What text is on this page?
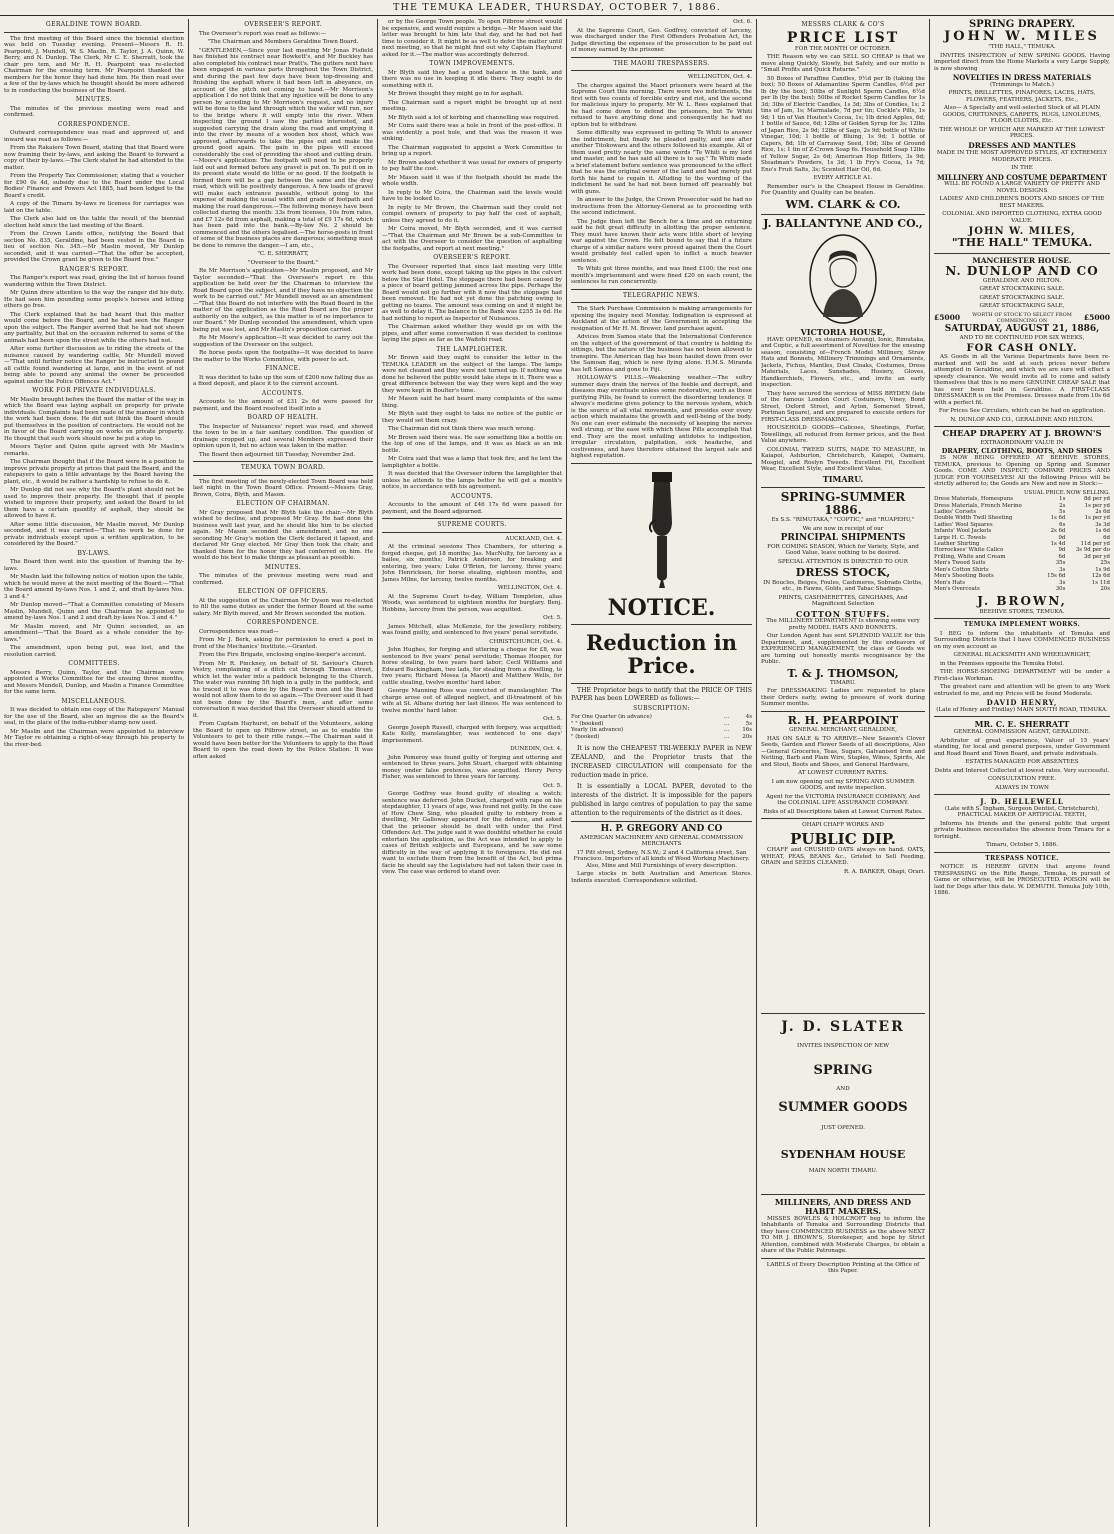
THE TEMUKA LEADER, THURSDAY, OCTOBER 7, 1886.
GERALDINE TOWN BOARD.

The first meeting of this Board since the biennial election was held on Tuesday evening. Present—Messrs R. H. Pearpoint, J. Mundell, W. S. Maslin, R. Taylor, J. A. Quinn, W. Berry, and N. Dunlop. The Clerk, Mr C. E. Sherratt, took the chair pro tem, and Mr R. H. Pearpoint was re-elected Chairman for the ensuing term. Mr Pearpoint thanked the members for the honor they had done him. He then read over a few of the by-laws which he thought should be more adhered to in conducting the business of the Board.

MINUTES.

The minutes of the previous meeting were read and confirmed.

CORRESPONDENCE.

Outward correspondence was read and approved of, and inward was read as follows:—

From the Rakaiere Town Board, stating that that Board were now framing their by-laws, and asking the Board to forward a copy of their by-laws.—The Clerk stated he had attended to the matter.

From the Property Tax Commissioner, stating that a voucher for £90 0s 4d, subsidy due to the Board under the Local Bodies' Finance and Powers Act 1885, had been lodged to the Board's credit.

A copy of the Timaru by-laws re licenses for carriages was laid on the table.

The Clerk also laid on the table the result of the biennial election held since the last meeting of the Board.

From the Crown Lands office, notifying the Board that section No. 835, Geraldine, had been vested in the Board in lieu of section No. 345.—Mr Maslin moved, Mr Dunlop seconded, and it was carried—"That the offer be accepted, provided the Crown grant be given to the Board free."

RANGER'S REPORT.

The Ranger's report was read, giving the list of horses found wandering within the Town District.

Mr Quinn drew attention to the way the ranger did his duty. He had seen him pounding some people's horses and letting others go free.

The Clerk explained that he had heard that this matter would come before the Board, and he had seen the Ranger upon the subject. The Ranger averred that he had not shown any partiality, but that on the occasion referred to some of the animals had been upon the street while the others had not.

After some further discussion as to riding the streets of the nuisance caused by wandering cattle, Mr Mundell moved—"That until further notice the Ranger be instructed to pound all cattle found wandering at large, and in the event of not being able to pound any animal the owner be proceeded against under the Police Offences Act."

WORK FOR PRIVATE INDIVIDUALS.

Mr Maslin brought before the Board the matter of the way in which the Board was laying asphalt on property for private individuals. Complaints had been made of the manner in which the work had been done. He did not think the Board should put themselves in the position of contractors. He would not be in favor of the Board carrying on works on private property. He thought that such work should now be put a stop to.

Messrs Taylor and Quinn quite agreed with Mr Maslin's remarks.

The Chairman thought that if the Board were in a position to improve private property at prices that paid the Board, and the ratepayers to gain a little advantage by the Board having the plant, etc., it would be rather a hardship to refuse to do it.

Mr Dunlop did not see why the Board's plant should not be used to improve their property. He thought that if people wished to improve their property, and asked the Board to let them have a certain quantity of asphalt, they should be allowed to have it.

After some little discussion, Mr Maslin moved, Mr Dunlop seconded, and it was carried—"That no work be done for private individuals except upon a written application, to be considered by the Board."

BY-LAWS.

The Board then went into the question of framing the by-laws.

Mr Maslin laid the following notice of motion upon the table, which he would move at the next meeting of the Board:—"That the Board amend by-laws Nos. 1 and 2, and draft by-laws Nos. 3 and 4."

Mr Dunlop moved—"That a Committee consisting of Messrs Maslin, Mundell, Quinn and the Chairman be appointed to amend by-laws Nos. 1 and 2 and draft by-laws Nos. 3 and 4."

Mr Maslin moved, and Mr Quinn seconded, as an amendment—"That the Board as a whole consider the by-laws."

The amendment, upon being put, was lost, and the resolution carried.

COMMITTEES.

Messrs Berry, Quinn, Taylor, and the Chairman were appointed a Works Committee for the ensuing three months, and Messrs Mundell, Dunlop, and Maslin a Finance Committee for the same term.

MISCELLANEOUS.

It was decided to obtain one copy of the Ratepayers' Manual for the use of the Board, also an ingress die as the Board's seal, in the place of the india-rubber stamp now used.

Mr Maslin and the Chairman were appointed to interview Mr Taylor re obtaining a right-of-way through his property to the river-bed.

OVERSEER'S REPORT.

The Overseer's report was read as follows:—

"The Chairman and Members Geraldine Town Board.

"GENTLEMEN,—Since your last meeting Mr Jonas Fisfield has finished his contract near Bowkett's, and Mr Buckley has also completed his contract near Pratt's. The gutters next have been engaged in various parts throughout the Town District, and during the past few days have been top-dressing and finishing the asphalt where it had been left in abeyance, on account of the pitch not coming to hand.—Mr Morrison's application I do not think that any injustice will be done to any person by acceding to Mr Morrison's request, and no injury will be done to the land through which the water will run, nor to the bridge where it will empty into the river. When inspecting the ground I saw the parties interested, and suggested carrying the drain along the road and emptying it into the river by means of a wooden box shoot, which was approved, afterwards to take the pipes out and make the ground good again. The gain in the pipes will exceed considerably the cost of providing the shoot and cutting drain.—Moore's application: The footpath will need to be properly laid out and formed before any gravel is put on. To put it on in its present state would do little or no good. If the footpath is formed there will be a gap between the same and the dray road, which will be positively dangerous. A few loads of gravel will make each entrance passable, without going to the expense of making the usual width and grade of footpath and making the road dangerous.—The following moneys have been collected during the month: 33s from licenses, 10s from rates, and £7 12s 6d from asphalt, making a total of £9 17s 6d, which has been paid into the bank.—By-law No. 2 should be commenced and the others legalised.—The horse-posts in front of some of the business places are dangerous; something must be done to remove the danger.—I am, etc.,

"C. E. SHERRATT,

"Overseer to the Board."

Re Mr Morrison's application—Mr Maslin proposed, and Mr Taylor seconded—"That the Overseer's report re this application be held over for the Chairman to interview the Road Board upon the subject, and if they have no objection the work to be carried out." Mr Mundell moved as an amendment—"That this Board do not interfere with the Road Board in the matter of the application as the Road Board are the proper authority on the subject, as this matter is of no importance to our Board." Mr Dunlop seconded the amendment, which upon being put was lost, and Mr Maslin's proposition carried.

Re Mr Moore's application—It was decided to carry out the suggestion of the Overseer on the subject.

Re horse posts upon the footpaths—It was decided to leave the matter to the Works Committee, with power to act.

FINANCE.

It was decided to take up the sum of £200 now falling due as a fixed deposit, and place it to the current account.

ACCOUNTS.

Accounts to the amount of £31 2s 6d were passed for payment, and the Board resolved itself into a

BOARD OF HEALTH.

The Inspector of Nuisances' report was read, and showed the town to be in a fair sanitary condition. The question of drainage cropped up, and several Members expressed their opinion upon it, but no action was taken in the matter.

The Board then adjourned till Tuesday, November 2nd.

TEMUKA TOWN BOARD.

The first meeting of the newly-elected Town Board was held last night in the Town Board Office. Present—Messrs Gray, Brown, Coira, Blyth, and Mason.

ELECTION OF CHAIRMAN.

Mr Gray proposed that Mr Blyth take the chair.—Mr Blyth wished to decline, and proposed Mr Gray. He had done the business well last year, and he should like him to be elected again. Mr Mason seconded the amendment, and no one seconding Mr Gray's motion the Clerk declared it lapsed, and declared Mr Gray elected. Mr Gray then took the chair, and thanked them for the honor they had conferred on him. He would do his best to make things as pleasant as possible.

MINUTES.

The minutes of the previous meeting were read and confirmed.

ELECTION OF OFFICERS.

At the suggestion of the Chairman Mr Dyson was re-elected to fill the same duties as under the former Board at the same salary. Mr Blyth moved, and Mr Brown seconded the motion.

CORRESPONDENCE.

Correspondence was read—

From Mr J. Berk, asking for permission to erect a post in front of the Mechanics' Institute.—Granted.

From the Fire Brigade, enclosing engine-keeper's account.

From Mr R. Pinckney, on behalf of St. Saviour's Church Vestry, complaining of a ditch cut through Thomas street, which let the water into a paddock belonging to the Church. The water was running 5ft high in a gully in the paddock, and he traced it to was done by the Board's men and the Board would not allow them to do so again.—The Overseer said it had not been done by the Board's men, and after some conversation it was decided that the Overseer should attend to it.

From Captain Hayhurst, on behalf of the Volunteers, asking the Board to open up Pilbrow street, so as to enable the Volunteers to get to their rifle range.—The Chairman said it would have been better for the Volunteers to apply to the Road Board to open the road down by the Police Station. It was often asked

or by the George Town people. To open Pilbrow street would be expensive, and would require a bridge.—Mr Mason said the letter was brought to him late that day, and he had not had time to consider it. It might be as well to defer the matter until next meeting, so that he might find out why Captain Hayhurst asked for it.—The matter was accordingly deferred.

TOWN IMPROVEMENTS.

Mr Blyth said they had a good balance in the bank, and there was no use in keeping it idle there. They ought to do something with it.

Mr Brown thought they might go in for asphalt.

The Chairman said a report might be brought up at next meeting.

Mr Blyth said a lot of kerbing and channelling was required.

Mr Coira said there was a hole in front of the post-office. It was evidently a post hole, and that was the reason it was sinking.

The Chairman suggested to appoint a Work Committee to bring up a report.

Mr Brown asked whether it was usual for owners of property to pay half the cost.

Mr Mason said it was if the footpath should be made the whole width.

In reply to Mr Coira, the Chairman said the levels would have to be looked to.

In reply to Mr Brown, the Chairman said they could not compel owners of property to pay half the cost of asphalt, unless they agreed to do it.

Mr Coira moved, Mr Blyth seconded, and it was carried—"That the Chairman and Mr Brown be a sub-Committee to act with the Overseer to consider the question of asphalting the footpaths, and report at next meeting."

OVERSEER'S REPORT.

The Overseer reported that since last meeting very little work had been done, except taking up the pipes in the culvert below the Star Hotel. The stoppage there had been caused by a piece of board getting jammed across the pipe. Perhaps the Board would not go further with it now that the stoppage had been removed. He had not yet done the patching owing to getting no teams. The amount was coming on and it might be as well to delay it. The balance in the Bank was £255 3s 6d. He had nothing to report as Inspector of Nuisances.

The Chairman asked whether they would go on with the pipes, and after some conversation it was decided to continue laying the pipes as far as the Waitohi road.

THE LAMPLIGHTER.

Mr Brown said they ought to consider the letter in the TEMUKA LEADER on the subject of the lamps. The lamps were not cleaned and they were not turned up. If nothing was done he believed the public would take steps in it. There was a great difference between the way they were kept and the way they were kept in Boulter's time.

Mr Mason said he had heard many complaints of the same thing.

Mr Blyth said they ought to take no notice of the public or they would set them crazy.

The Chairman did not think there was much wrong.

Mr Brown said there was. He saw something like a bottle on the top of one of the lamps, and it was as black as an ink bottle.

Mr Coira said that was a lamp that took fire, and he lent the lamplighter a bottle.

It was decided that the Overseer inform the lamplighter that unless he attends to the lamps better he will get a month's notice, in accordance with his agreement.

ACCOUNTS.

Accounts to the amount of £46 17s 6d were passed for payment, and the Board adjourned.

SUPREME COURTS.

AUCKLAND, Oct. 4.

At the criminal sessions Thos Chambers, for uttering a forged cheque, got 18 months; Jas. MacNulty, for larceny as a bailee, six months; Patrick Anderson, for breaking and entering, two years; Luke O'Brien, for larceny, three years; John Henricksen, for horse stealing, eighteen months, and James Milne, for larceny, twelve months.

WELLINGTON, Oct. 4.

At the Supreme Court to-day, William Templeton, alias Woods, was sentenced to eighteen months for burglary. Benj. Hobbins, larceny from the person, was acquitted.

Oct. 5.

James Mitchell, alias McKenzie, for the jewellery robbery, was found guilty, and sentenced to five years' penal servitude.

CHRISTCHURCH, Oct. 4.

John Hughes, for forging and uttering a cheque for £8, was sentenced to five years' penal servitude; Thomas Hooper, for horse stealing, to two years hard labor; Cecil Williams and Edward Buckingham, two lads, for stealing from a dwelling, to two years; Richard Mossa (a Maori) and Matthew Wells, for cattle stealing, twelve months' hard labor.

George Manning Ross was convicted of manslaughter. The charge arose out of alleged neglect, and ill-treatment of his wife at St. Albans during her last illness. He was sentenced to twelve months' hard labor.

Oct. 5.

George Joseph Russell, charged with forgery, was acquitted; Kate Kelly, manslaughter, was sentenced to one days' imprisonment.

DUNEDIN, Oct. 4.

John Pomeroy was found guilty of forging and uttering and sentenced to three years. John Stuart, charged with obtaining money under false pretences, was acquitted. Henry Percy Fisher, was sentenced to three years for larceny.

Oct. 5.

George Godfrey was found guilty of stealing a watch; sentence was deferred. John Ducket, charged with rape on his stepdaughter, 11 years of age, was found not guilty. In the case of How Chew Sing, who pleaded guilty to robbery from a dwelling, Mr Galloway appeared for the defence, and asked that the prisoner should be dealt with under the First Offenders Act. The judge said it was doubtful whether he could entertain the application, as the Act was intended to apply to cases of British subjects and Europeans, and he saw some difficulty in the way of applying it to foreigners. He did not want to exclude them from the benefit of the Act, but prima facie he should say the Legislature had not taken their case in view. The case was ordered to stand over.

Oct. 6.

At the Supreme Court, Geo. Godfrey, convicted of larceny, was discharged under the First Offenders Probation Act, the Judge directing the expenses of the prosecution to be paid out of money earned by the prisoner.

THE MAORI TRESPASSERS.

WELLINGTON, Oct. 4.

The charges against the Maori prisoners were heard at the Supreme Court this morning. There were two indictments, the first with two counts of forcible entry and riot, and the second for malicious injury to property. Mr W. L. Rees explained that he had come down to defend the prisoners, but Te Whiti refused to have anything done and consequently he had no option but to withdraw.

Some difficulty was expressed in getting Te Whiti to answer the indictment, but finally he pleaded guilty, and one after another Titokowaru and the others followed his example. All of them used pretty nearly the same words "Te Whiti is my lord and master, and he has said all there is to say." Te Whiti made a brief statement before sentence was pronounced to the effect that he was the original owner of the land and had merely put forth his hand to regain it. Alluding to the wording of the indictment he said he had not been turned off peaceably but with guns.

In answer to the Judge, the Crown Prosecutor said he had no instructions from the Attorney-General as to proceeding with the second indictment.

The Judge then left the Bench for a time and on returning said he felt great difficulty in allotting the proper sentence. They must have known their acts were little short of levying war against the Crown. He felt bound to say that if a future charge of a similar nature were proved against them the Court would probably feel called upon to inflict a much heavier sentence.

Te Whiti got three months, and was fined £100; the rest one month's imprisonment and were fined £20 on each count, the sentences to run concurrently.

TELEGRAPHIC NEWS.

The Stark Purchase Commission is making arrangements for opening the inquiry next Monday. Indignation is expressed at Auckland at the action of the Government in accepting the resignation of Mr H. M. Brewer, land purchase agent.

Advices from Samoa state that the International Conference on the subject of the government of that country is holding its sittings, but the nature of the business has not been allowed to transpire. The American flag has been hauled down from over the Samoan flag, which is now flying alone. H.M.S. Miranda has left Samoa and gone to Fiji.

HOLLOWAY'S PILLS.—Weakening weather.—The sultry summer days drain the nerves of the feeble and decrepit, and diseases may eventuate unless some restorative, such as these purifying Pills, be found to correct the disordering tendency. If always's medicine gives potency to the nervous system, which is the source of all vital movements, and presides over every action which maintains the growth and well-being of the body. No one can ever estimate the necessity of keeping the nerves well strung, or the ease with which these Pills accomplish that end. They are the most unfailing antidotes to indigestion, irregular circulation, palpitation, sick headache, and costiveness, and have therefore obtained the largest sale and highest reputation.

NOTICE.
Reduction in Price.

THE Proprietor begs to notify that the PRICE OF THIS PAPER has been LOWERED as follows:—

SUBSCRIPTION:
For One Quarter (in advance)	...	4s
" " (booked)	...	5s
Yearly (in advance)	...	16s
" (booked)	...	20s

It is now the CHEAPEST TRI-WEEKLY PAPER in NEW ZEALAND, and the Proprietor trusts that the INCREASED CIRCULATION will compensate for the reduction made in price.

It is essentially a LOCAL PAPER, devoted to the interests of the district. It is impossible for the papers published in large centres of population to pay the same attention to the requirements of the district as it does.

H. P. GREGORY AND CO

AMERICAN MACHINERY AND GENERAL COMMISSION MERCHANTS

17 Pitt street, Sydney, N.S.W.; 2 and 4 California street, San Francisco. Importers of all kinds of Wood Working Machinery. Also, Mine and Mill Furnishings of every description.

Large stocks in both Australian and American Stores. Indents executed. Correspondence solicited.

MESSRS CLARK & CO'S
PRICE LIST

FOR THE MONTH OF OCTOBER.

THE Reason why we can SELL SO CHEAP is that we move along Quickly, Slowly, but Safely, and our motto is "Small Profits and Quick Returns."

50 Boxes of Paraffine Candles, 9½d per lb (taking the box); 50 Boxes of Adamantine Sperm Candles, 6½d per lb (by the box); 50lbs of Sunlight Sperm Candles, 6½d per lb (by the box); 50lbs of Rocket Sperm Candles for 1s 3d; 3lbs of Electric Candles, 1s 3d; 3lbs of Condies, 1s; 2 tins of Jam, 1s; Marmalade, 7d per tin; Cockle's Pills, 1s 9d; 1 tin of Van Houten's Cocoa, 1s; 1lb dried Apples, 6d; 1 bottle of Sauce, 6d; 12lbs of Golden Syrup for 3s; 12lbs of Japan Rice, 2s 9d; 12lbs of Sago, 2s 9d; bottle of White Vinegar, 10d; 1 bottle of Bluing, 1s 9d; 1 bottle of Capers, 8d; 1lb of Carraway Seed, 10d; 3lbs of Ground Rice, 1s; 1 tin of Z-Crown Soap 6s. Household Soap 12lbs of Yellow Sugar, 2s 6d; American Hop Bitters, 3s 9d; Steadman's Powders, 1s 3d; 1 lb Fry's Cocoa, 1s 7d; Eno's Fruit Salts, 3s; Scented Hair Oil, 6d.

EVERY ARTICLE A1.

Remember our's is the Cheapest House in Geraldine. For Quantity and Quality can be beaten.

WM. CLARK & CO.
J. BALLANTYNE AND CO.,
VICTORIA HOUSE,

HAVE OPENED, ex steamers Aorangi, Ionic, Rimutaka, and Coptic, a full assortment of Novelties for the ensuing season, consisting of—French Model Millinery, Straw Hats and Bonnets, Millinery Trimmings and Ornaments, Jackets, Fichus, Mantles, Dust Cloaks, Costumes, Dress Materials, Laces, Sunshades, Hosiery, Gloves, Handkerchiefs, Flowers, etc., and invite an early inspection.

They have secured the services of MISS BRYDEN (late of the famous London Court Costumers, Viney, Bond Street, Oxford Street, and Ayton, Somerset Street, Portman Square), and are prepared to execute orders for FIRST-CLASS DRESSMAKING.

HOUSEHOLD GOODS—Calicoes, Sheetings, Forfar, Towellings, all reduced from former prices, and the Best Value anywhere.

COLONIAL TWEED SUITS, MADE TO MEASURE, in Kaiapoi, Ashburton, Christchurch, Kaiapoi, Oamaru, Mosgiel, and Roslyn Tweeds. Excellent Fit, Excellent Wear, Excellent Style, and Excellent Value.

TIMARU.
SPRING-SUMMER 1886.

Ex S.S. "RIMUTAKA," "COPTIC," and "RUAPEHU,"

We are now in receipt of our

PRINCIPAL SHIPMENTS

FOR COMING SEASON, Which for Variety, Style, and Good Value, leave nothing to be desired.

SPECIAL ATTENTION IS DIRECTED TO OUR

DRESS STOCK,

IN Boucles, Beiges, Foules, Cashmeres, Sobrado Cloths, etc., in Fawns, Golds, and Tabac Shadings.

PRINTS, CASHMERETTES, GINGHAMS, And Magnificent Selection

COTTON STUFFS.

The MILLINERY DEPARTMENT Is showing some very pretty MODEL HATS AND BONNETS.

Our London Agent has sent SPLENDID VALUE for this Department, and, supplemented by the endeavors of EXPERIENCED MANAGEMENT, the class of Goods we are turning out honestly merits recognisance by the Public.

T. & J. THOMSON,

TIMARU.

For DRESSMAKING Ladies are requested to place their Orders early, owing to pressure of work during Summer months.

R. H. PEARPOINT

GENERAL MERCHANT, GERALDINE,

HAS ON SALE & TO ARRIVE—New Season's Clover Seeds, Garden and Flower Seeds of all descriptions, Also—General Groceries, Teas, Sugars, Galvanised Iron and Netting, Barb and Plain Wire, Staples, Wines, Spirits, Ale and Stout, Boots and Shoes, and General Hardware,

AT LOWEST CURRENT RATES.

I am now opening out my SPRING AND SUMMER GOODS, and invite inspection.

Agent for the VICTORIA INSURANCE COMPANY, And the COLONIAL LIFE ASSURANCE COMPANY.

Risks of all Descriptions taken at Lowest Current Rates.

OHAPI CHAFF WORKS AND

PUBLIC DIP.

CHAFF and CRUSHED OATS always on hand. OATS, WHEAT, PEAS, BEANS &c., Gristed to Sell Feeding. GRAIN and SEEDS CLEANED.

R. A. BARKER, Ohapi, Orari.

SPRING DRAPERY.
JOHN W. MILES

"THE HALL," TEMUKA.

INVITES INSPECTION of NEW SPRING GOODS. Having imported direct from the Home Markets a very Large Supply, is now showing

NOVELTIES IN DRESS MATERIALS

(Trimmings to Match.)

PRINTS, BRILLETTES, PINAFORES, LACES, HATS, FLOWERS, FEATHERS, JACKETS, Etc.,

Also— A Specially and well-selected Stock of all PLAIN GOODS, CRETONNES, CARPETS, RUGS, LINOLEUMS, FLOOR CLOTHS, Etc.

THE WHOLE OF WHICH ARE MARKED AT THE LOWEST PRICES.

DRESSES AND MANTLES

MADE IN THE MOST APPROVED STYLES, AT EXTREMELY MODERATE PRICES.

IN THE

MILLINERY AND COSTUME DEPARTMENT

WILL BE FOUND A LARGE VARIETY OF PRETTY AND NOVEL DESIGNS

LADIES' AND CHILDREN'S BOOTS AND SHOES OF THE BEST MAKERS.

COLONIAL AND IMPORTED CLOTHING, EXTRA GOOD VALUE.

JOHN W. MILES,
"THE HALL" TEMUKA.
MANCHESTER HOUSE.
N. DUNLOP AND CO

GERALDINE AND HILTON.

GREAT STOCKTAKING SALE.

GREAT STOCKTAKING SALE.

GREAT STOCKTAKING SALE,

£5000	WORTH OF STOCK TO SELECT FROM COMMENCING ON	£5000
SATURDAY, AUGUST 21, 1886,

AND TO BE CONTINUED FOR SIX WEEKS,

FOR CASH ONLY.

AS Goods in all the Various Departments have been re-marked and will be sold at such prices never before attempted in Geraldine, and which we are sure will effect a speedy clearance. We would invite all to come and satisfy themselves that this is no mere GENUINE CHEAP SALE that has ever been held in Geraldine. A FIRST-CLASS DRESSMAKER is on the Premises. Dresses made from 10s 6d with a perfect fit.

For Prices See Circulars, which can be had on application.

N. DUNLOP AND CO., GERALDINE AND HILTON.

CHEAP DRAPERY AT J. BROWN'S

EXTRAORDINARY VALUE IN

DRAPERY, CLOTHING, BOOTS, AND SHOES

IS NOW BEING OFFERED AT BEEHIVE STORES, TEMUKA, previous to Opening up Spring and Summer Goods. COME AND INSPECT; COMPARE PRICES AND JUDGE FOR YOURSELVES! All the following Prices will be strictly adhered to; the Goods are New and now in Stock:—

	USUAL PRICE.	NOW SELLING.
Dress Materials, Homespuns	1s	8d per yd
Dress Materials, French Merino	2s	1s per yd
Ladies' Corsets	5s	2s 6d
Double Width Twill Sheeting	1s 6d	1s per yd
Ladies' Wool Squares	6s	3s 3d
Infants' Wool Jackets	2s 6d	1s 6d
Large H. C. Towels	9d	6d
Leather Shirting	1s 4d	11d per yd
Horrockses' White Calico	9d	3s 9d per do
Frilling, White and Cream	6d	3d per yd
Men's Tweed Suits	35s	25s
Men's Cotton Shirts	3s	1s 9d
Men's Shooting Boots	15s 6d	12s 6d
Men's Hats	3s	1s 11d
Men's Overcoats	30s	20s
J. BROWN,

BEEHIVE STORES, TEMUKA.

TEMUKA IMPLEMENT WORKS.

I BEG to inform the inhabitants of Temuka and Surrounding Districts that I have COMMENCED BUSINESS on my own account as

GENERAL BLACKSMITH AND WHEELWRIGHT,

in the Premises opposite the Temuka Hotel.

THE HORSE-SHOEING DEPARTMENT will be under a First-class Workman.

The greatest care and attention will be given to any Work entrusted to me, and my Prices will be found Moderate.

DAVID HENRY,

(Late of Henry and Findlay) MAIN SOUTH ROAD, TEMUKA.

MR. C. E. SHERRATT

GENERAL COMMISSION AGENT, GERALDINE.

Arbitrator of great experience, Valuer of 15 years' standing, for local and general purposes, under Government and Road Board and Town Board, and private individuals.

ESTATES MANAGED FOR ABSENTEES

Debts and Interest Collected at lowest rates. Very successful.

CONSULTATION FREE.

ALWAYS IN TOWN

J. D. HELLEWELL

(Late with S. Ingham, Surgeon Dentist, Christchurch), PRACTICAL MAKER OF ARTIFICIAL TEETH,

Informs his friends and the general public that urgent private business necessitates the absence from Timaru for a fortnight.

Timaru, October 5, 1886.

TRESPASS NOTICE.

NOTICE IS HEREBY GIVEN that anyone found TRESPASSING on the Rifle Range, Temuka, in pursuit of Game or otherwise, will be PROSECUTED. POISON will be laid for Dogs after this date. W. DEMUTH. Temuka July 10th, 1886.

J. D. SLATER

INVITES INSPECTION OF NEW

SPRING

AND

SUMMER GOODS

JUST OPENED.

SYDENHAM HOUSE

MAIN NORTH TIMARU.

MILLINERS, AND DRESS AND HABIT MAKERS.

MISSES BOWLES & HOLCROFT beg to inform the Inhabitants of Temuka and Surrounding Districts that they have COMMENCED BUSINESS as the above NEXT TO MR J. BROWN'S, Storekeeper, and hope by Strict Attention, combined with Moderate Charges, to obtain a share of the Public Patronage.

LABELS of Every Description Printing at the Office of this Paper.
